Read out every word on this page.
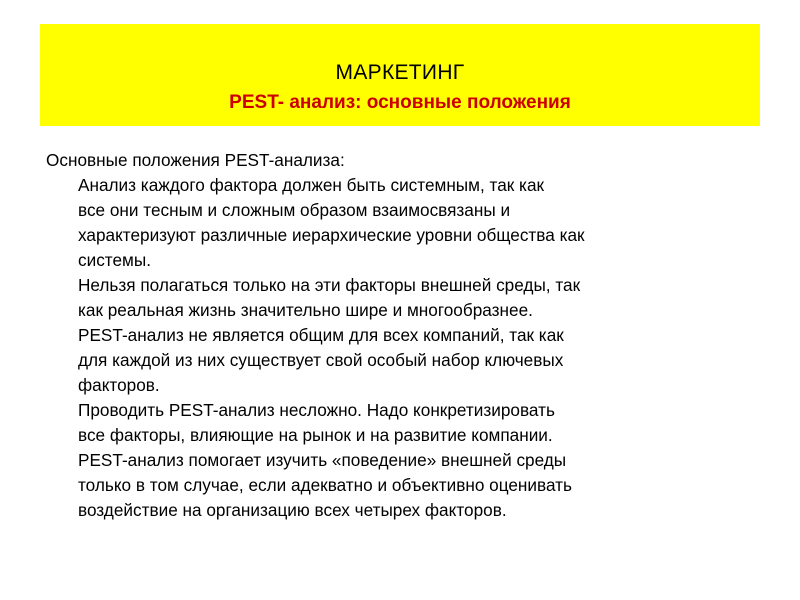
МАРКЕТИНГ
PEST- анализ: основные положения

Основные положения PEST-анализа:

Анализ каждого фактора должен быть системным, так как
все они тесным и сложным образом взаимосвязаны и
характеризуют различные иерархические уровни общества как
системы.

Нельзя полагаться только на эти факторы внешней среды, так
как реальная жизнь значительно шире и многообразнее.

PEST-анализ не является общим для всех компаний, так как
для каждой из них существует свой особый набор ключевых
факторов.

Проводить PEST-анализ несложно. Надо конкретизировать
все факторы, влияющие на рынок и на развитие компании.

PEST-анализ помогает изучить «поведение» внешней среды
только в том случае, если адекватно и объективно оценивать
воздействие на организацию всех четырех факторов.
